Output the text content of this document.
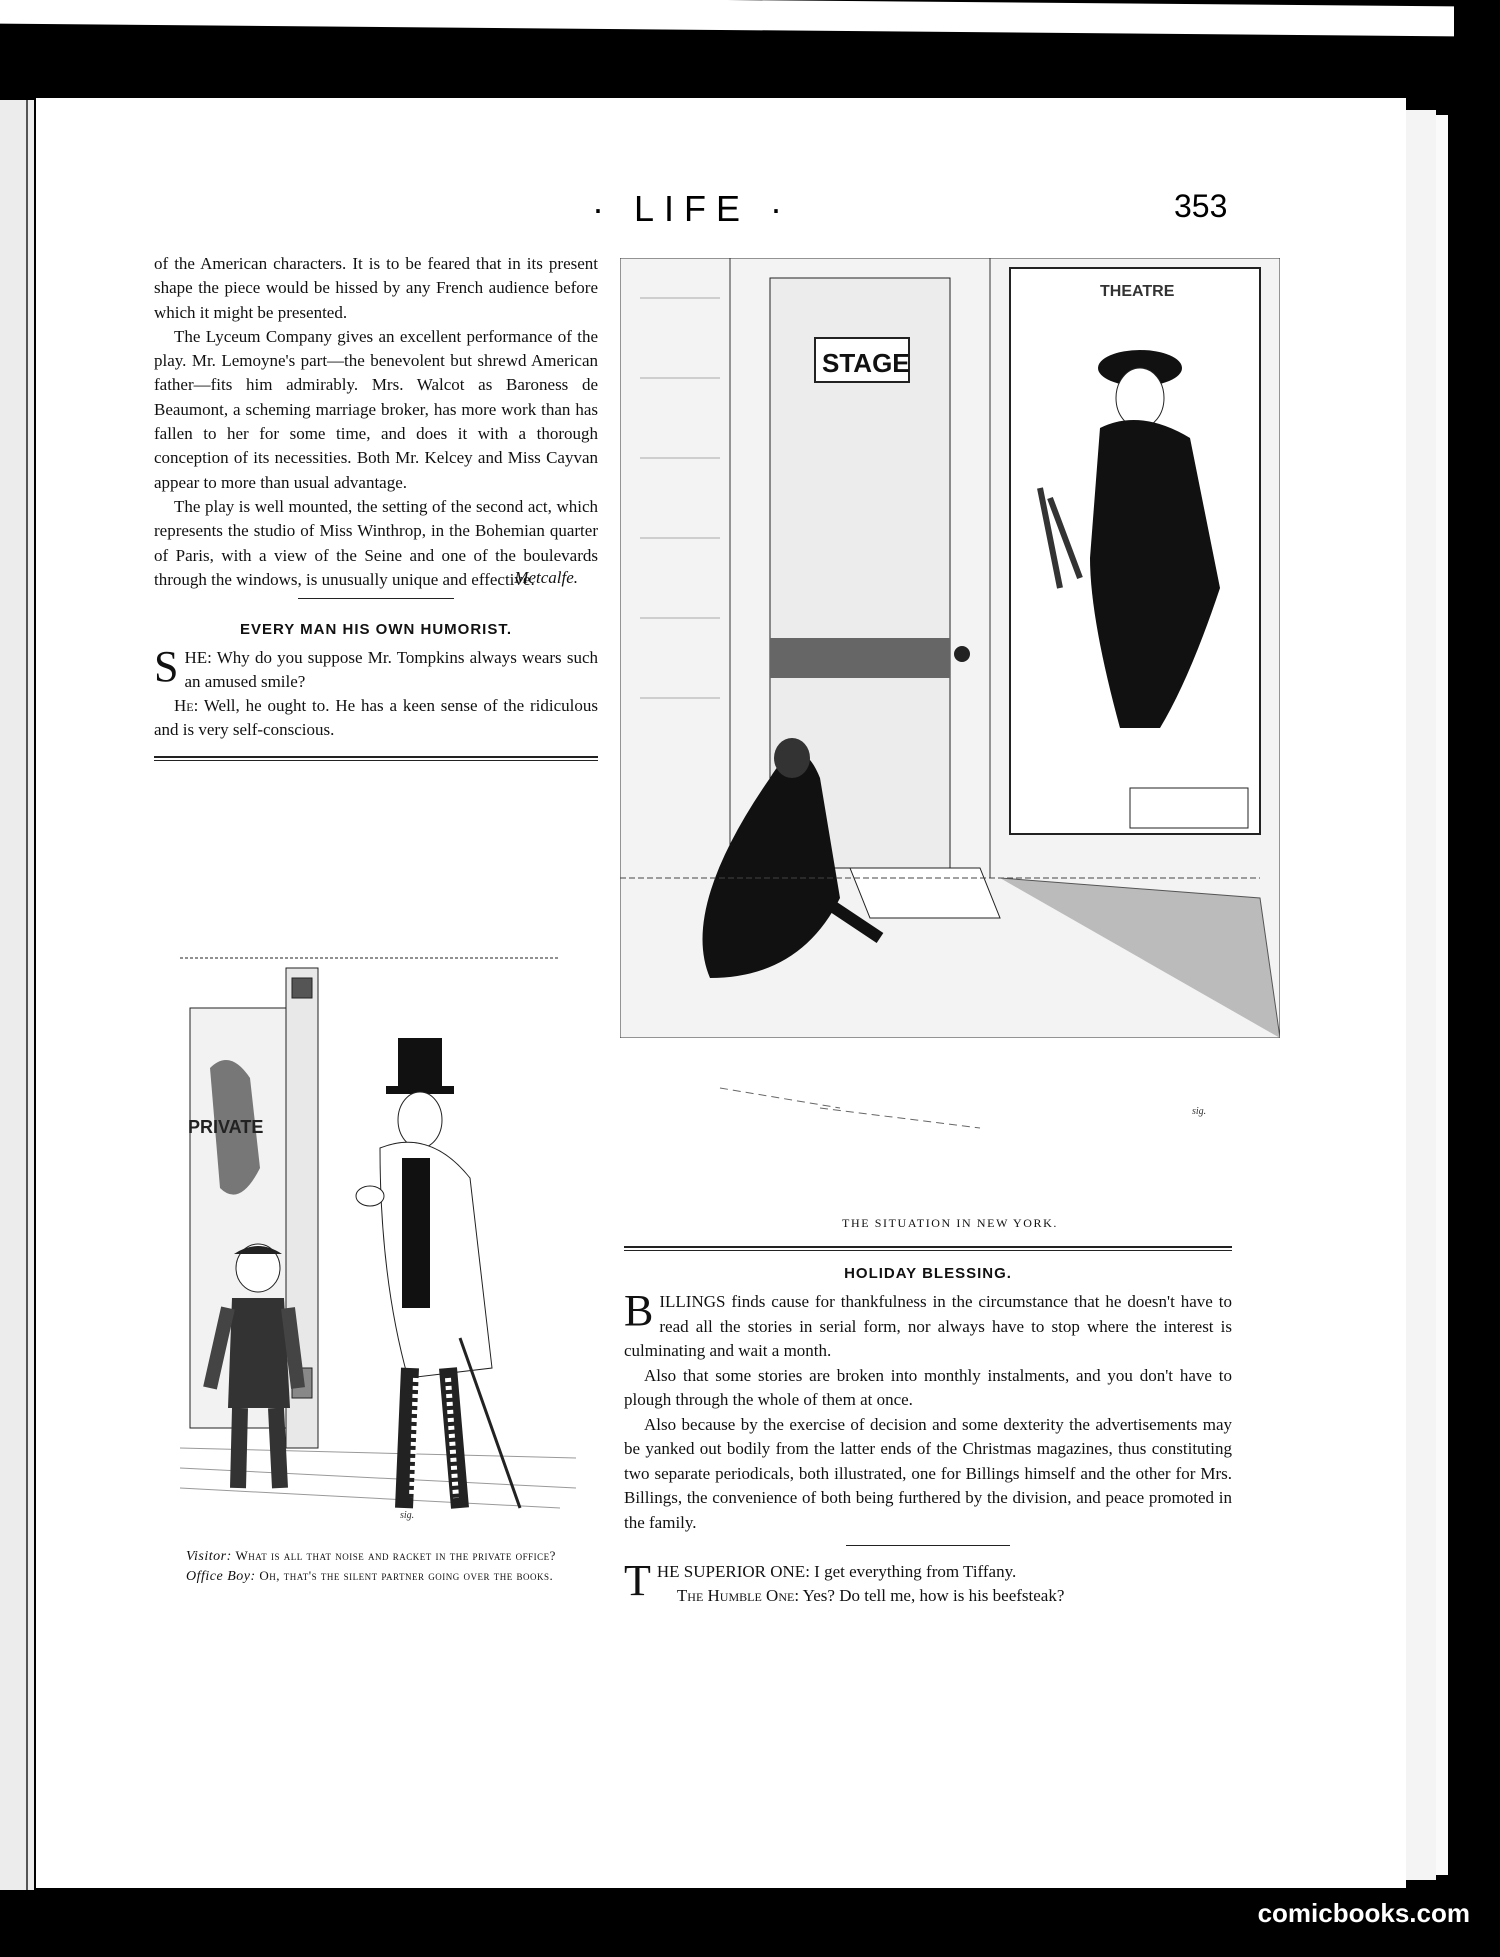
· LIFE ·	353

of the American characters. It is to be feared that in its present shape the piece would be hissed by any French audience before which it might be presented.

The Lyceum Company gives an excellent performance of the play. Mr. Lemoyne's part—the benevolent but shrewd American father—fits him admirably. Mrs. Walcot as Baroness de Beaumont, a scheming marriage broker, has more work than has fallen to her for some time, and does it with a thorough conception of its necessities. Both Mr. Kelcey and Miss Cayvan appear to more than usual advantage.

The play is well mounted, the setting of the second act, which represents the studio of Miss Winthrop, in the Bohemian quarter of Paris, with a view of the Seine and one of the boulevards through the windows, is unusually unique and effective.

Metcalfe.
EVERY MAN HIS OWN HUMORIST.

SHE: Why do you suppose Mr. Tompkins always wears such an amused smile?

He: Well, he ought to. He has a keen sense of the ridiculous and is very self-conscious.

PRIVATE
sig.

Visitor: What is all that noise and racket in the private office?

Office Boy: Oh, that's the silent partner going over the books.

STAGE
THEATRE
sig.
THE SITUATION IN NEW YORK.
HOLIDAY BLESSING.

BILLINGS finds cause for thankfulness in the circumstance that he doesn't have to read all the stories in serial form, nor always have to stop where the interest is culminating and wait a month.

Also that some stories are broken into monthly instalments, and you don't have to plough through the whole of them at once.

Also because by the exercise of decision and some dexterity the advertisements may be yanked out bodily from the latter ends of the Christmas magazines, thus constituting two separate periodicals, both illustrated, one for Billings himself and the other for Mrs. Billings, the convenience of both being furthered by the division, and peace promoted in the family.

THE SUPERIOR ONE: I get everything from Tiffany.

The Humble One: Yes? Do tell me, how is his beefsteak?

comicbooks.com
